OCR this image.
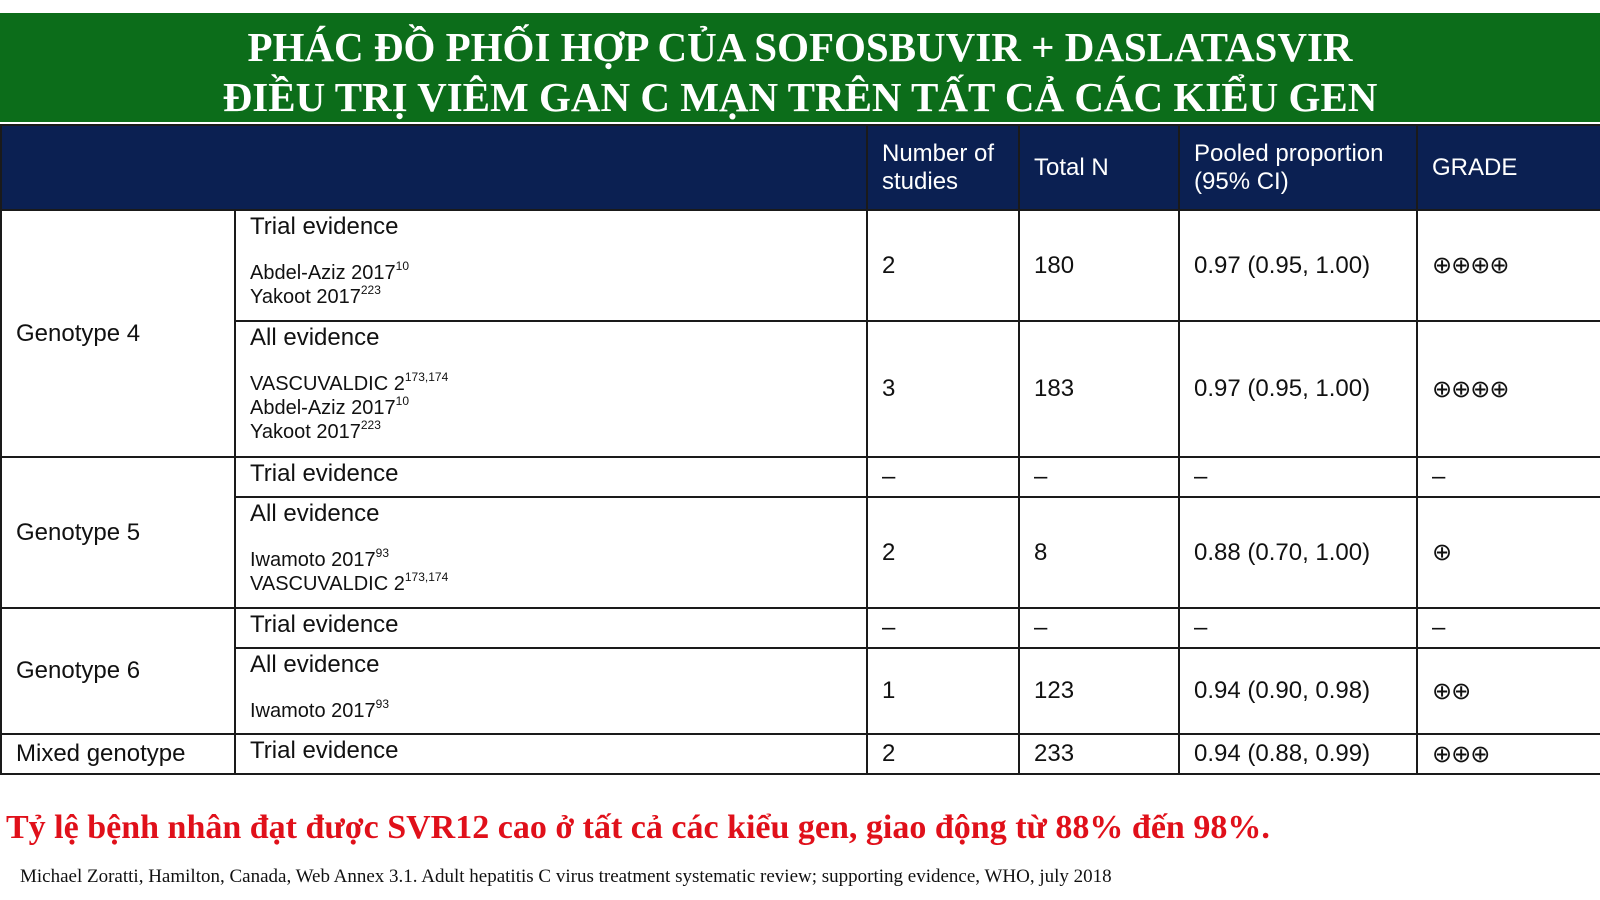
PHÁC ĐỒ PHỐI HỢP CỦA SOFOSBUVIR + DASLATASVIR
ĐIỀU TRỊ VIÊM GAN C MẠN TRÊN TẤT CẢ CÁC KIỂU GEN
		Number of studies	Total N	Pooled proportion (95% CI)	GRADE
Genotype 4	Trial evidence
Abdel-Aziz 2017$^{10}$
Yakoot 2017$^{223}$	2	180	0.97 (0.95, 1.00)	⊕⊕⊕⊕

	All evidence
VASCUVALDIC 2$^{173,174}$
Abdel-Aziz 2017$^{10}$
Yakoot 2017$^{223}$	3	183	0.97 (0.95, 1.00)	⊕⊕⊕⊕
Genotype 5	Trial evidence	–	–	–	–

	All evidence
Iwamoto 2017$^{93}$
VASCUVALDIC 2$^{173,174}$	2	8	0.88 (0.70, 1.00)	⊕
Genotype 6	Trial evidence	–	–	–	–

	All evidence
Iwamoto 2017$^{93}$	1	123	0.94 (0.90, 0.98)	⊕⊕
Mixed genotype	Trial evidence	2	233	0.94 (0.88, 0.99)	⊕⊕⊕
Tỷ lệ bệnh nhân đạt được SVR12 cao ở tất cả các kiểu gen, giao động từ 88% đến 98%.
Michael Zoratti, Hamilton, Canada, Web Annex 3.1. Adult hepatitis C virus treatment systematic review; supporting evidence, WHO, july 2018
